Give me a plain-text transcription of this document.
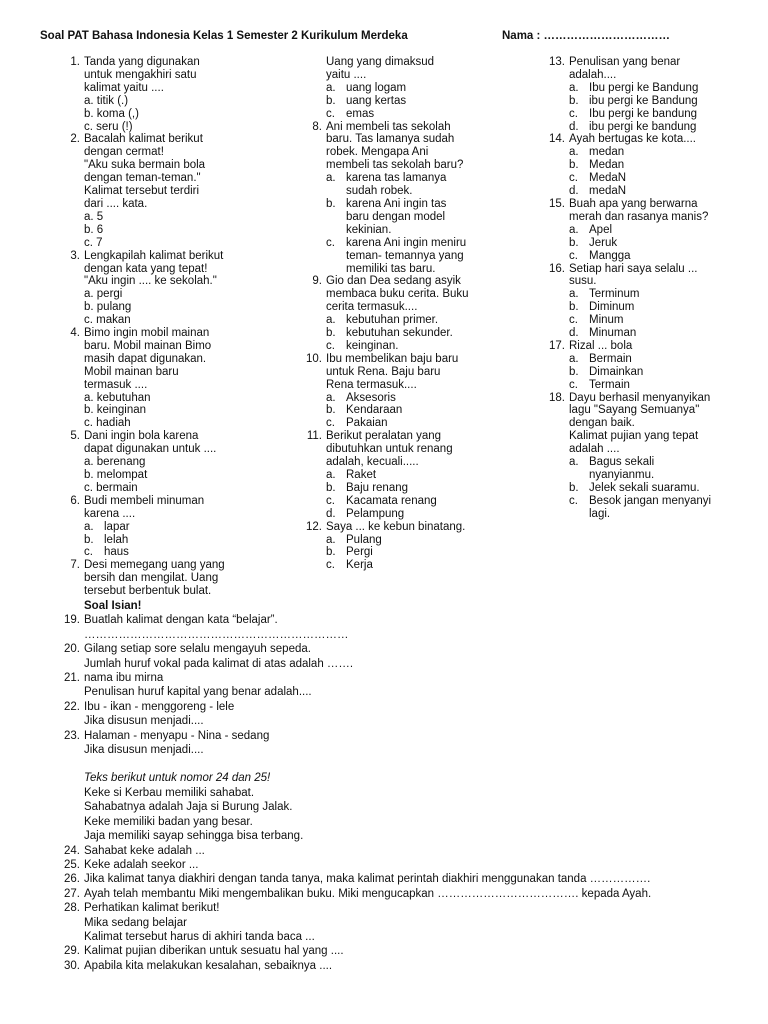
Soal PAT Bahasa Indonesia Kelas 1 Semester 2 Kurikulum Merdeka	Nama : ……………………………
1. Tanda yang digunakan
untuk mengakhiri satu
kalimat yaitu ....
a. titik (.)
b. koma (,)
c. seru (!)
2. Bacalah kalimat berikut
dengan cermat!
"Aku suka bermain bola
dengan teman-teman."
Kalimat tersebut terdiri
dari .... kata.
a. 5
b. 6
c. 7
3. Lengkapilah kalimat berikut
dengan kata yang tepat!
"Aku ingin .... ke sekolah."
a. pergi
b. pulang
c. makan
4. Bimo ingin mobil mainan
baru. Mobil mainan Bimo
masih dapat digunakan.
Mobil mainan baru
termasuk ....
a. kebutuhan
b. keinginan
c. hadiah
5. Dani ingin bola karena
dapat digunakan untuk ....
a. berenang
b. melompat
c. bermain
6. Budi membeli minuman
karena ....
a. lapar
b. lelah
c. haus
7. Desi memegang uang yang
bersih dan mengilat. Uang
tersebut berbentuk bulat.
Uang yang dimaksud
yaitu ....
a. uang logam
b. uang kertas
c. emas
8. Ani membeli tas sekolah
baru. Tas lamanya sudah
robek. Mengapa Ani
membeli tas sekolah baru?
a. karena tas lamanya
sudah robek.
b. karena Ani ingin tas
baru dengan model
kekinian.
c. karena Ani ingin meniru
teman- temannya yang
memiliki tas baru.
9. Gio dan Dea sedang asyik
membaca buku cerita. Buku
cerita termasuk....
a. kebutuhan primer.
b. kebutuhan sekunder.
c. keinginan.
10. Ibu membelikan baju baru
untuk Rena. Baju baru
Rena termasuk....
a. Aksesoris
b. Kendaraan
c. Pakaian
11. Berikut peralatan yang
dibutuhkan untuk renang
adalah, kecuali.....
a. Raket
b. Baju renang
c. Kacamata renang
d. Pelampung
12. Saya ... ke kebun binatang.
a. Pulang
b. Pergi
c. Kerja
13. Penulisan yang benar
adalah....
a. Ibu pergi ke Bandung
b. ibu pergi ke Bandung
c. Ibu pergi ke bandung
d. ibu pergi ke bandung
14. Ayah bertugas ke kota....
a. medan
b. Medan
c. MedaN
d. medaN
15. Buah apa yang berwarna
merah dan rasanya manis?
a. Apel
b. Jeruk
c. Mangga
16. Setiap hari saya selalu ...
susu.
a. Terminum
b. Diminum
c. Minum
d. Minuman
17. Rizal ... bola
a. Bermain
b. Dimainkan
c. Termain
18. Dayu berhasil menyanyikan
lagu "Sayang Semuanya"
dengan baik.
Kalimat pujian yang tepat
adalah ....
a. Bagus sekali
nyanyianmu.
b. Jelek sekali suaramu.
c. Besok jangan menyanyi
lagi.
Soal Isian!
19. Buatlah kalimat dengan kata “belajar”.
……………………………………………………………
20. Gilang setiap sore selalu mengayuh sepeda.
Jumlah huruf vokal pada kalimat di atas adalah …….
21. nama ibu mirna
Penulisan huruf kapital yang benar adalah....
22. Ibu - ikan - menggoreng - lele
Jika disusun menjadi....
23. Halaman - menyapu - Nina - sedang
Jika disusun menjadi....
Teks berikut untuk nomor 24 dan 25!
Keke si Kerbau memiliki sahabat.
Sahabatnya adalah Jaja si Burung Jalak.
Keke memiliki badan yang besar.
Jaja memiliki sayap sehingga bisa terbang.
24. Sahabat keke adalah ...
25. Keke adalah seekor ...
26. Jika kalimat tanya diakhiri dengan tanda tanya, maka kalimat perintah diakhiri menggunakan tanda …………….
27. Ayah telah membantu Miki mengembalikan buku. Miki mengucapkan ………………………………. kepada Ayah.
28. Perhatikan kalimat berikut!
Mika sedang belajar
Kalimat tersebut harus di akhiri tanda baca ...
29. Kalimat pujian diberikan untuk sesuatu hal yang ....
30. Apabila kita melakukan kesalahan, sebaiknya ....
